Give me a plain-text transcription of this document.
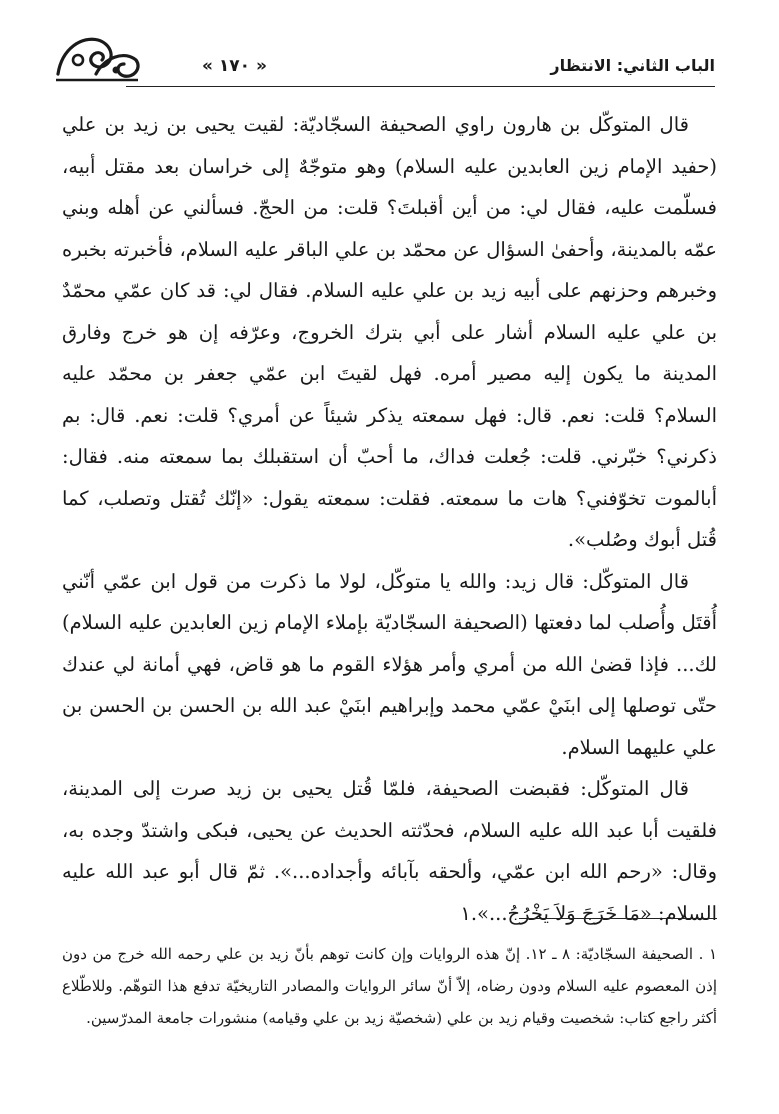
« ١٧٠ »	الباب الثاني: الانتظار

قال المتوكّل بن هارون راوي الصحيفة السجّاديّة: لقيت يحيى بن زيد بن علي (حفيد الإمام زين العابدين عليه السلام) وهو متوجّهٌ إلى خراسان بعد مقتل أبيه، فسلّمت عليه، فقال لي: من أين أقبلتَ؟ قلت: من الحجّ. فسألني عن أهله وبني عمّه بالمدينة، وأحفىٰ السؤال عن محمّد بن علي الباقر عليه السلام، فأخبرته بخبره وخبرهم وحزنهم على أبيه زيد بن علي عليه السلام. فقال لي: قد كان عمّي محمّدٌ بن علي عليه السلام أشار على أبي بترك الخروج، وعرّفه إن هو خرج وفارق المدينة ما يكون إليه مصير أمره. فهل لقيتَ ابن عمّي جعفر بن محمّد عليه السلام؟ قلت: نعم. قال: فهل سمعته يذكر شيئاً عن أمري؟ قلت: نعم. قال: بم ذكرني؟ خبّرني. قلت: جُعلت فداك، ما أحبّ أن استقبلك بما سمعته منه. فقال: أبالموت تخوّفني؟ هات ما سمعته. فقلت: سمعته يقول: «إنّك تُقتل وتصلب، كما قُتل أبوك وصُلب».

قال المتوكّل: قال زيد: والله يا متوكّل، لولا ما ذكرت من قول ابن عمّي أنّني أُقتَل وأُصلب لما دفعتها (الصحيفة السجّاديّة بإملاء الإمام زين العابدين عليه السلام) لك... فإذا قضىٰ الله من أمري وأمر هؤلاء القوم ما هو قاض، فهي أمانة لي عندك حتّى توصلها إلى ابنَيْ عمّي محمد وإبراهيم ابنَيْ عبد الله بن الحسن بن الحسن بن علي عليهما السلام.

قال المتوكّل: فقبضت الصحيفة، فلمّا قُتل يحيى بن زيد صرت إلى المدينة، فلقيت أبا عبد الله عليه السلام، فحدّثته الحديث عن يحيى، فبكى واشتدّ وجده به، وقال: «رحم الله ابن عمّي، وألحقه بآبائه وأجداده...». ثمّ قال أبو عبد الله عليه السلام: «مَا خَرَجَ وَلاَ يَخْرُجُ...».١

١ . الصحيفة السجّاديّة: ٨ ـ ١٢. إنّ هذه الروايات وإن كانت توهم بأنّ زيد بن علي رحمه الله خرج من دون إذن المعصوم عليه السلام ودون رضاه، إلاّ أنّ سائر الروايات والمصادر التاريخيّة تدفع هذا التوهّم. وللاطّلاع أكثر راجع كتاب: شخصيت وقيام زيد بن علي (شخصيّة زيد بن علي وقيامه) منشورات جامعة المدرّسين.
